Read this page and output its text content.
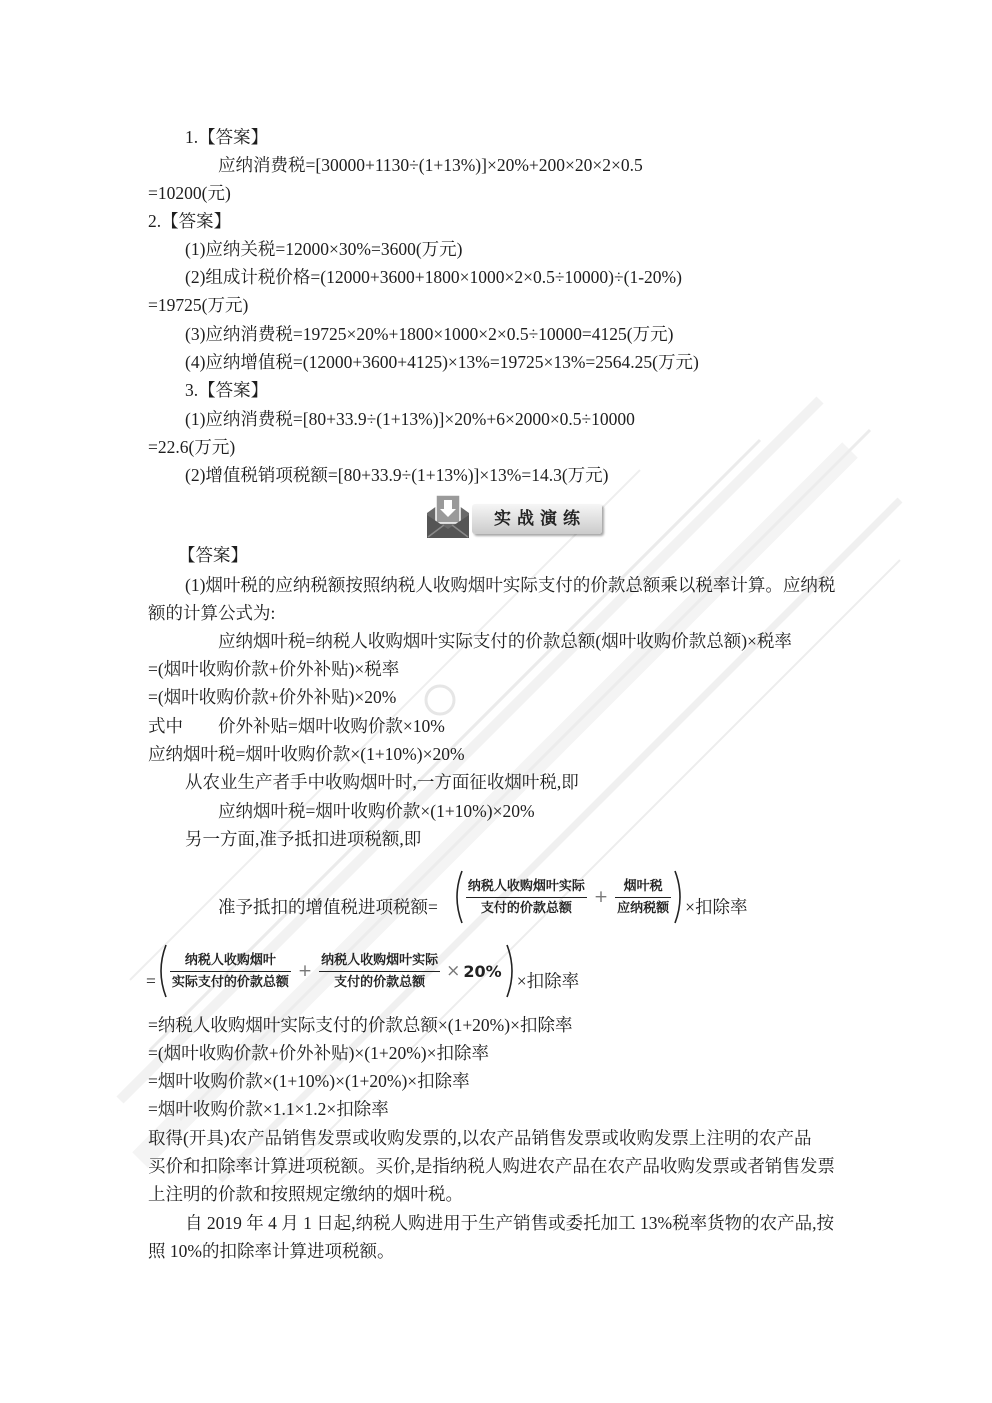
1.【答案】
应纳消费税=[30000+1130÷(1+13%)]×20%+200×20×2×0.5
=10200(元)
2.【答案】
(1)应纳关税=12000×30%=3600(万元)
(2)组成计税价格=(12000+3600+1800×1000×2×0.5÷10000)÷(1-20%)
=19725(万元)
(3)应纳消费税=19725×20%+1800×1000×2×0.5÷10000=4125(万元)
(4)应纳增值税=(12000+3600+4125)×13%=19725×13%=2564.25(万元)
3.【答案】
(1)应纳消费税=[80+33.9÷(1+13%)]×20%+6×2000×0.5÷10000
=22.6(万元)
(2)增值税销项税额=[80+33.9÷(1+13%)]×13%=14.3(万元)
实战演练
【答案】
(1)烟叶税的应纳税额按照纳税人收购烟叶实际支付的价款总额乘以税率计算。应纳税
额的计算公式为:
应纳烟叶税=纳税人收购烟叶实际支付的价款总额(烟叶收购价款总额)×税率
=(烟叶收购价款+价外补贴)×税率
=(烟叶收购价款+价外补贴)×20%
式中 价外补贴=烟叶收购价款×10%
应纳烟叶税=烟叶收购价款×(1+10%)×20%
从农业生产者手中收购烟叶时,一方面征收烟叶税,即
应纳烟叶税=烟叶收购价款×(1+10%)×20%
另一方面,准予抵扣进项税额,即
准予抵扣的增值税进项税额= $\frac{\text{纳税人收购烟叶实际}}{\text{支付的价款总额}} + \frac{\text{烟叶税}}{\text{应纳税额}}$ ×扣除率
= $\frac{\text{纳税人收购烟叶}}{\text{实际支付的价款总额}} + \frac{\text{纳税人收购烟叶实际}}{\text{支付的价款总额}} \times 20\%$ ×扣除率
=纳税人收购烟叶实际支付的价款总额×(1+20%)×扣除率
=(烟叶收购价款+价外补贴)×(1+20%)×扣除率
=烟叶收购价款×(1+10%)×(1+20%)×扣除率
=烟叶收购价款×1.1×1.2×扣除率
取得(开具)农产品销售发票或收购发票的,以农产品销售发票或收购发票上注明的农产品
买价和扣除率计算进项税额。买价,是指纳税人购进农产品在农产品收购发票或者销售发票
上注明的价款和按照规定缴纳的烟叶税。
自 2019 年 4 月 1 日起,纳税人购进用于生产销售或委托加工 13%税率货物的农产品,按
照 10%的扣除率计算进项税额。
